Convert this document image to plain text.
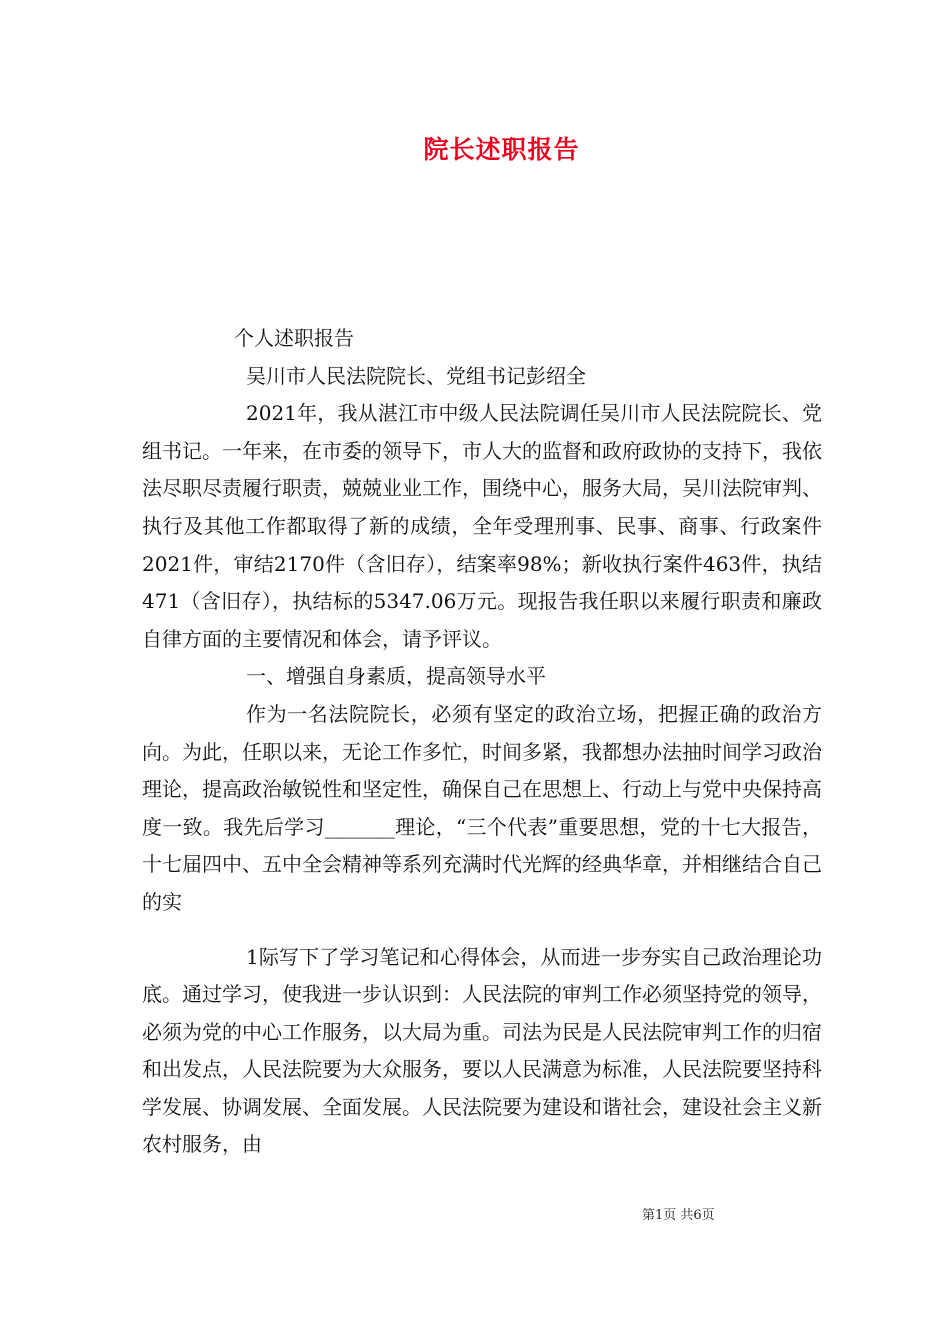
院长述职报告

个人述职报告

吴川市人民法院院长、党组书记彭绍全

2021年，我从湛江市中级人民法院调任吴川市人民法院院长、党组书记。一年来，在市委的领导下，市人大的监督和政府政协的支持下，我依法尽职尽责履行职责，兢兢业业工作，围绕中心，服务大局，吴川法院审判、执行及其他工作都取得了新的成绩，全年受理刑事、民事、商事、行政案件2021件，审结2170件（含旧存），结案率98%；新收执行案件463件，执结471（含旧存），执结标的5347.06万元。现报告我任职以来履行职责和廉政自律方面的主要情况和体会，请予评议。

一、增强自身素质，提高领导水平

作为一名法院院长，必须有坚定的政治立场，把握正确的政治方向。为此，任职以来，无论工作多忙，时间多紧，我都想办法抽时间学习政治理论，提高政治敏锐性和坚定性，确保自己在思想上、行动上与党中央保持高度一致。我先后学习_______理论，“三个代表”重要思想，党的十七大报告，十七届四中、五中全会精神等系列充满时代光辉的经典华章，并相继结合自己的实

1际写下了学习笔记和心得体会，从而进一步夯实自己政治理论功底。通过学习，使我进一步认识到：人民法院的审判工作必须坚持党的领导，必须为党的中心工作服务，以大局为重。司法为民是人民法院审判工作的归宿和出发点，人民法院要为大众服务，要以人民满意为标准，人民法院要坚持科学发展、协调发展、全面发展。人民法院要为建设和谐社会，建设社会主义新农村服务，由

第1页 共6页
